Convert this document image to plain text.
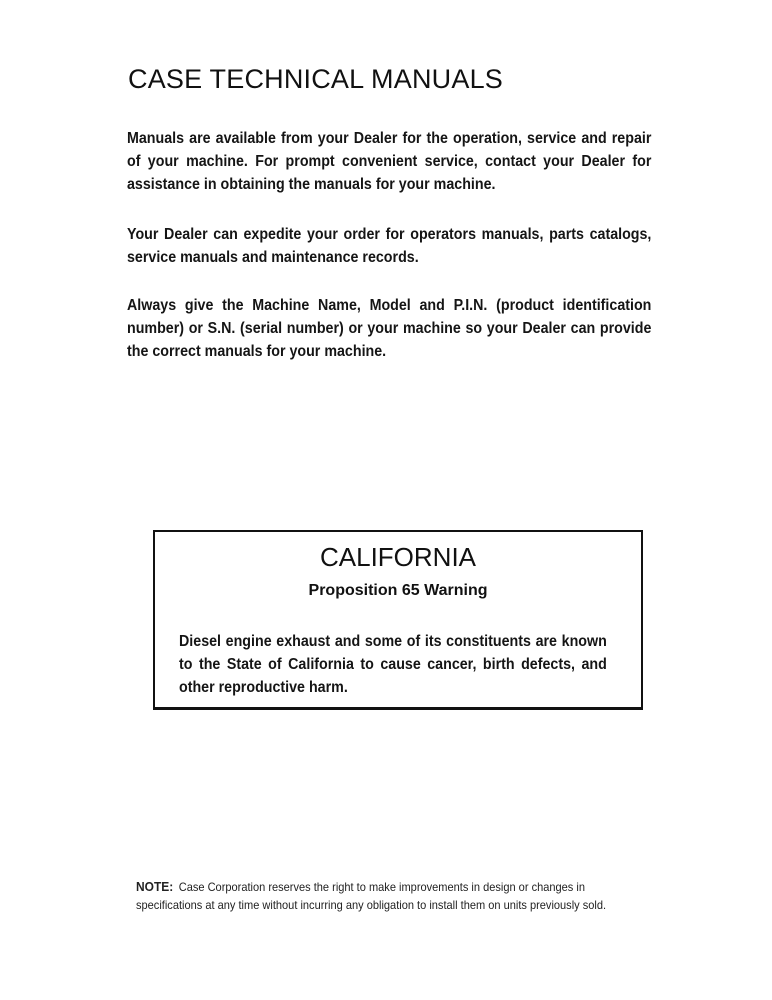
CASE TECHNICAL MANUALS

Manuals are available from your Dealer for the operation, service and repair of your machine. For prompt convenient service, contact your Dealer for assistance in obtaining the manuals for your machine.

Your Dealer can expedite your order for operators manuals, parts catalogs, service manuals and maintenance records.

Always give the Machine Name, Model and P.I.N. (product identification number) or S.N. (serial number) or your machine so your Dealer can provide the correct manuals for your machine.

CALIFORNIA
Proposition 65 Warning
Diesel engine exhaust and some of its constituents are known to the State of California to cause cancer, birth defects, and other reproductive harm.
NOTE: Case Corporation reserves the right to make improvements in design or changes in specifications at any time without incurring any obligation to install them on units previously sold.
